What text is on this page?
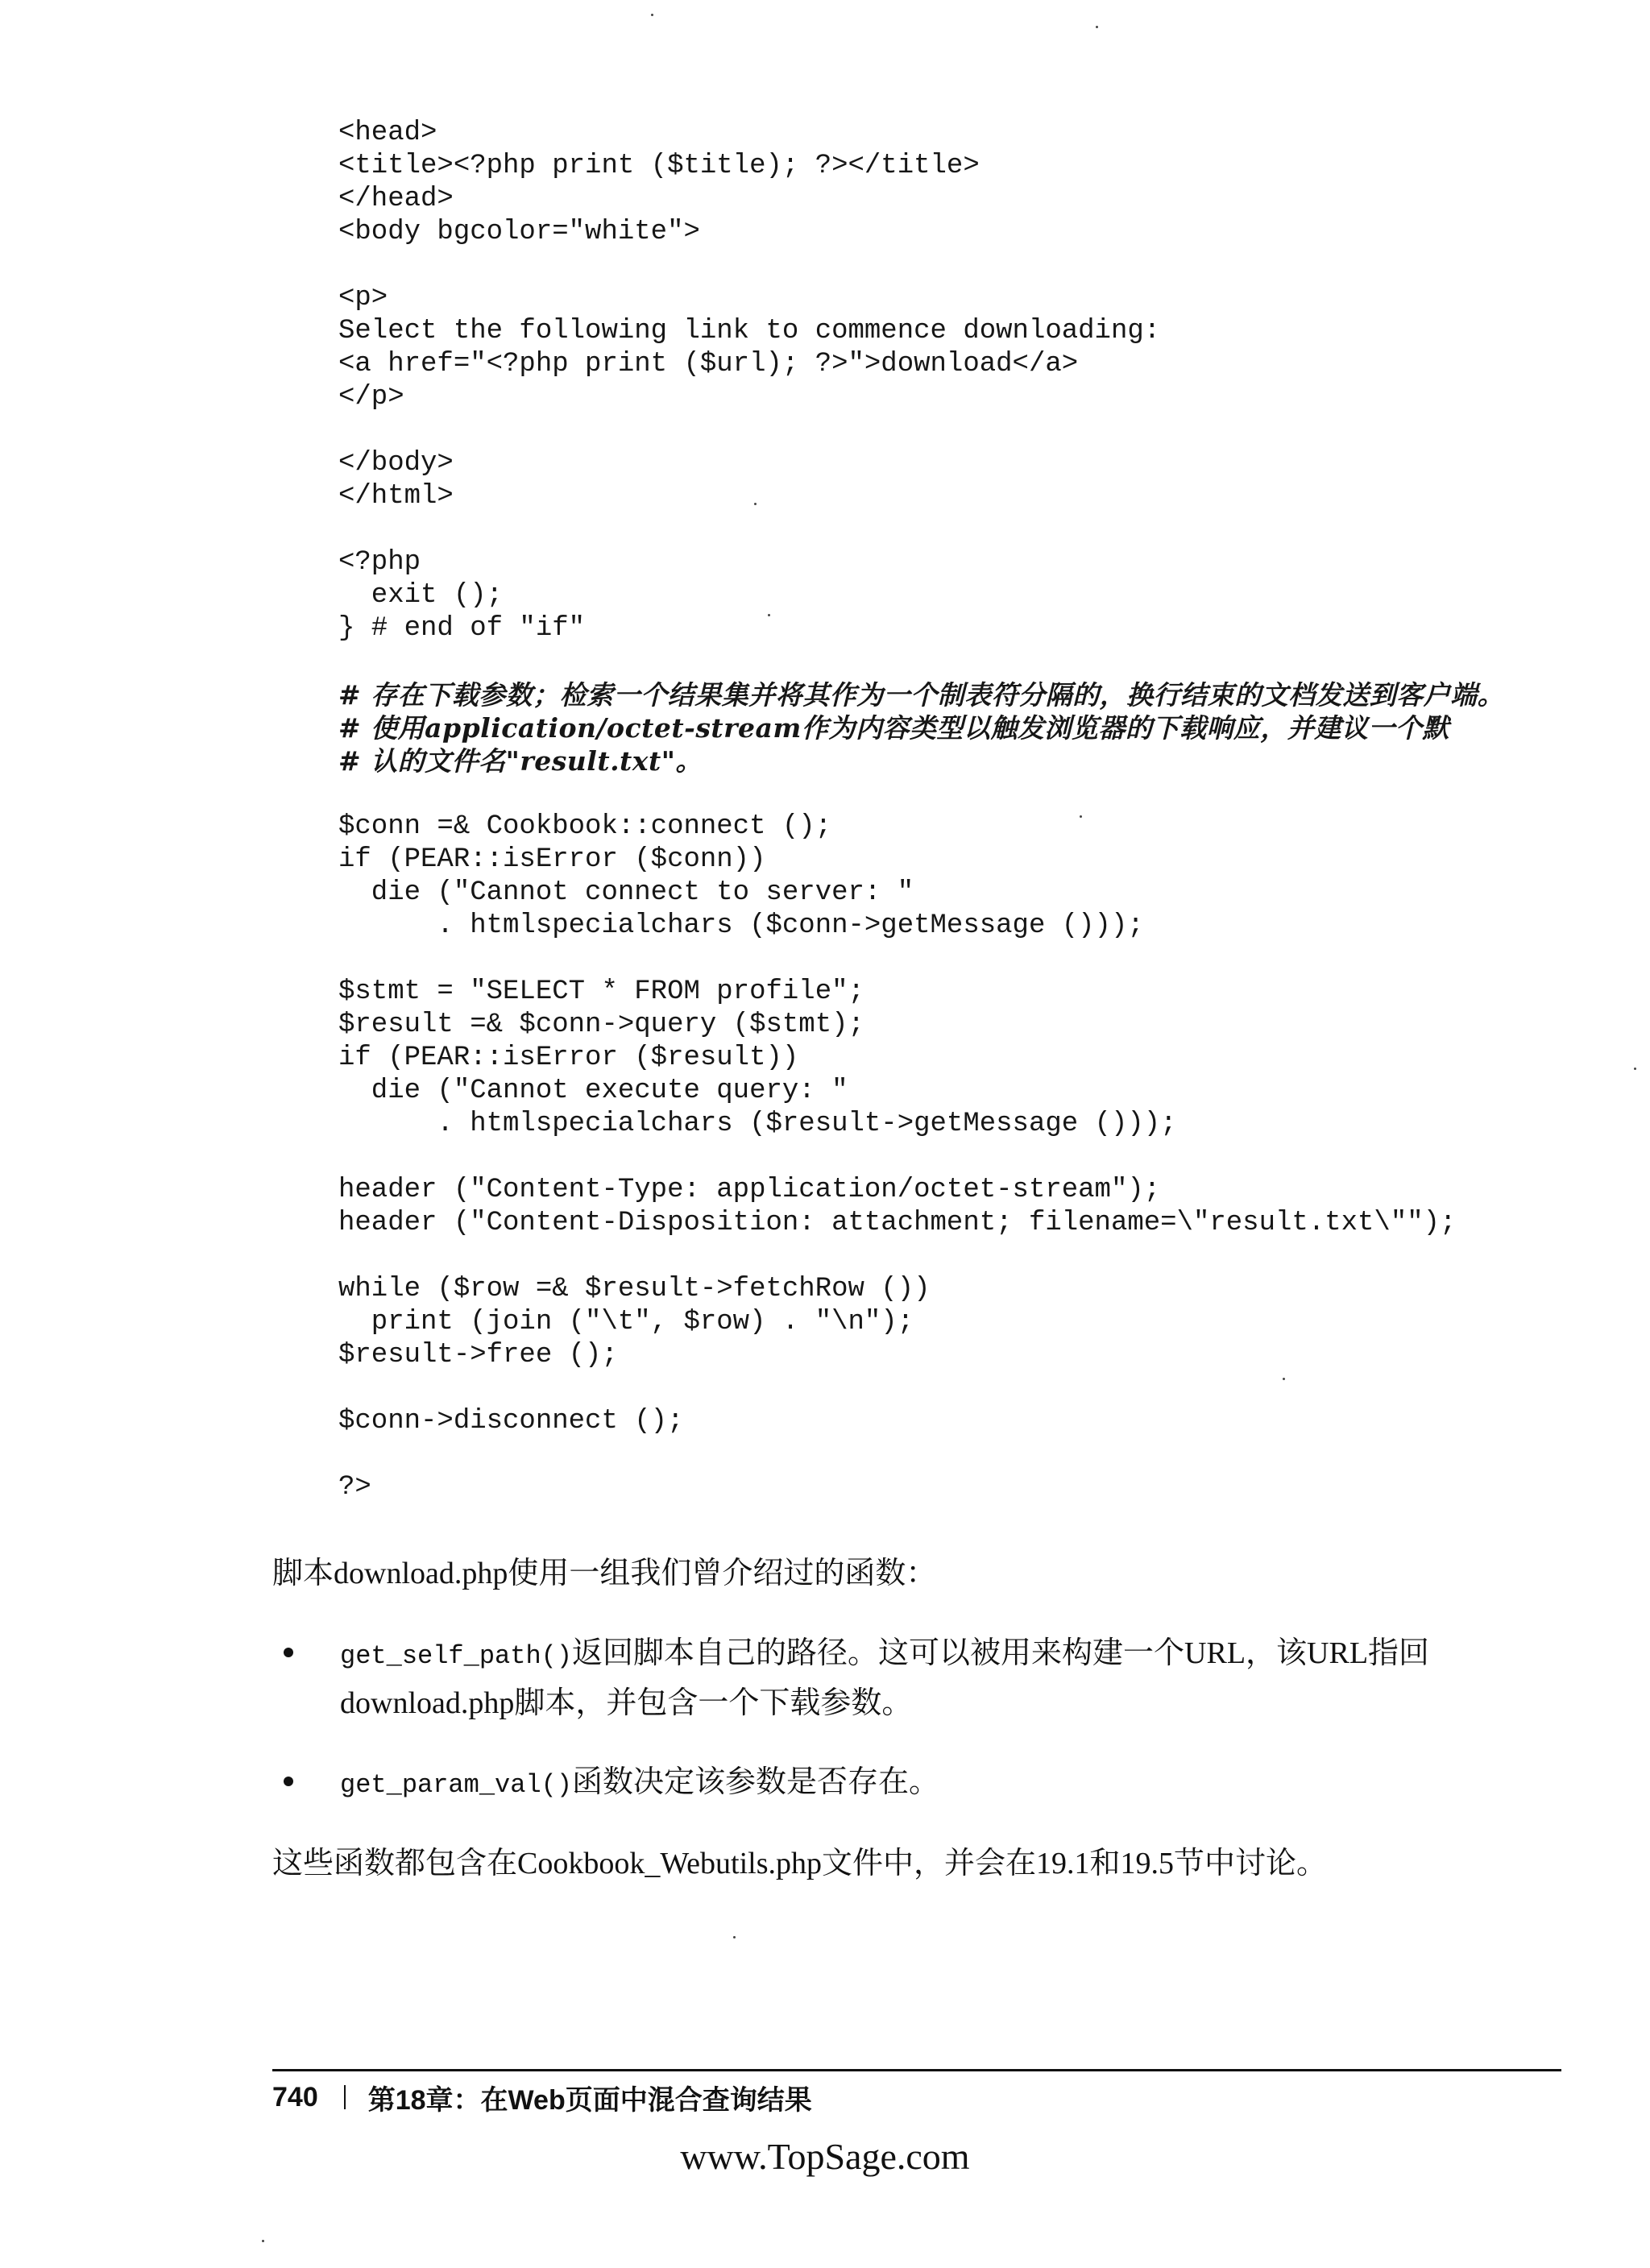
<head>
<title><?php print ($title); ?></title>
</head>
<body bgcolor="white">
<p>
Select the following link to commence downloading:
<a href="<?php print ($url); ?>">download</a>
</p>
</body>
</html>
<?php
exit ();
} # end of "if"
# 存在下载参数；检索一个结果集并将其作为一个制表符分隔的，换行结束的文档发送到客户端。
# 使用application/octet-stream作为内容类型以触发浏览器的下载响应，并建议一个默
# 认的文件名"result.txt"。
$conn =& Cookbook::connect ();
if (PEAR::isError ($conn))
die ("Cannot connect to server: "
. htmlspecialchars ($conn->getMessage ()));
$stmt = "SELECT * FROM profile";
$result =& $conn->query ($stmt);
if (PEAR::isError ($result))
die ("Cannot execute query: "
. htmlspecialchars ($result->getMessage ()));
header ("Content-Type: application/octet-stream");
header ("Content-Disposition: attachment; filename=\"result.txt\"");
while ($row =& $result->fetchRow ())
print (join ("\t", $row) . "\n");
$result->free ();
$conn->disconnect ();
?>

脚本download.php使用一组我们曾介绍过的函数：

get_self_path()返回脚本自己的路径。这可以被用来构建一个URL，该URL指回download.php脚本，并包含一个下载参数。
get_param_val()函数决定该参数是否存在。

这些函数都包含在Cookbook_Webutils.php文件中，并会在19.1和19.5节中讨论。

740 第18章：在Web页面中混合查询结果
www.TopSage.com
